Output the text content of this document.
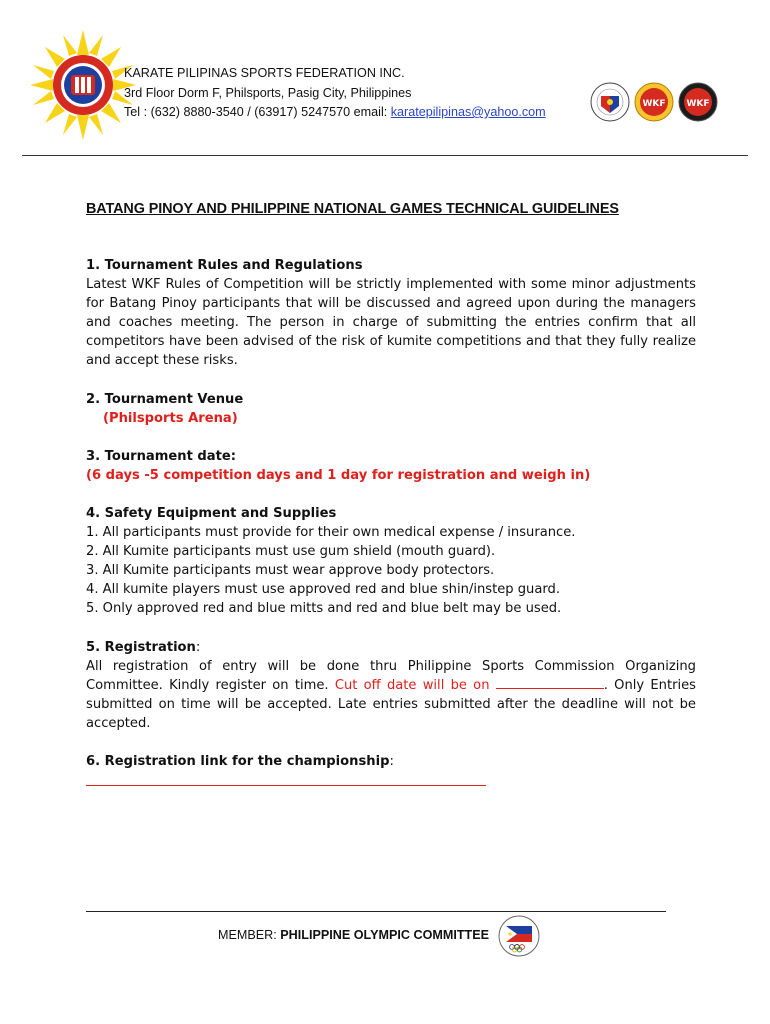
KARATE PILIPINAS SPORTS FEDERATION INC.
3rd Floor Dorm F, Philsports, Pasig City, Philippines
Tel : (632) 8880-3540 / (63917) 5247570 email: karatepilipinas@yahoo.com
WKF WKF
BATANG PINOY AND PHILIPPINE NATIONAL GAMES TECHNICAL GUIDELINES

1. Tournament Rules and Regulations

Latest WKF Rules of Competition will be strictly implemented with some minor adjustments for Batang Pinoy participants that will be discussed and agreed upon during the managers and coaches meeting. The person in charge of submitting the entries confirm that all competitors have been advised of the risk of kumite competitions and that they fully realize and accept these risks.

2. Tournament Venue

(Philsports Arena)

3. Tournament date:

(6 days -5 competition days and 1 day for registration and weigh in)

4. Safety Equipment and Supplies

1. All participants must provide for their own medical expense / insurance.

2. All Kumite participants must use gum shield (mouth guard).

3. All Kumite participants must wear approve body protectors.

4. All kumite players must use approved red and blue shin/instep guard.

5. Only approved red and blue mitts and red and blue belt may be used.

5. Registration:

All registration of entry will be done thru Philippine Sports Commission Organizing Committee. Kindly register on time. Cut off date will be on	. Only Entries submitted on time will be accepted. Late entries submitted after the deadline will not be accepted.

6. Registration link for the championship:

MEMBER: PHILIPPINE OLYMPIC COMMITTEE
